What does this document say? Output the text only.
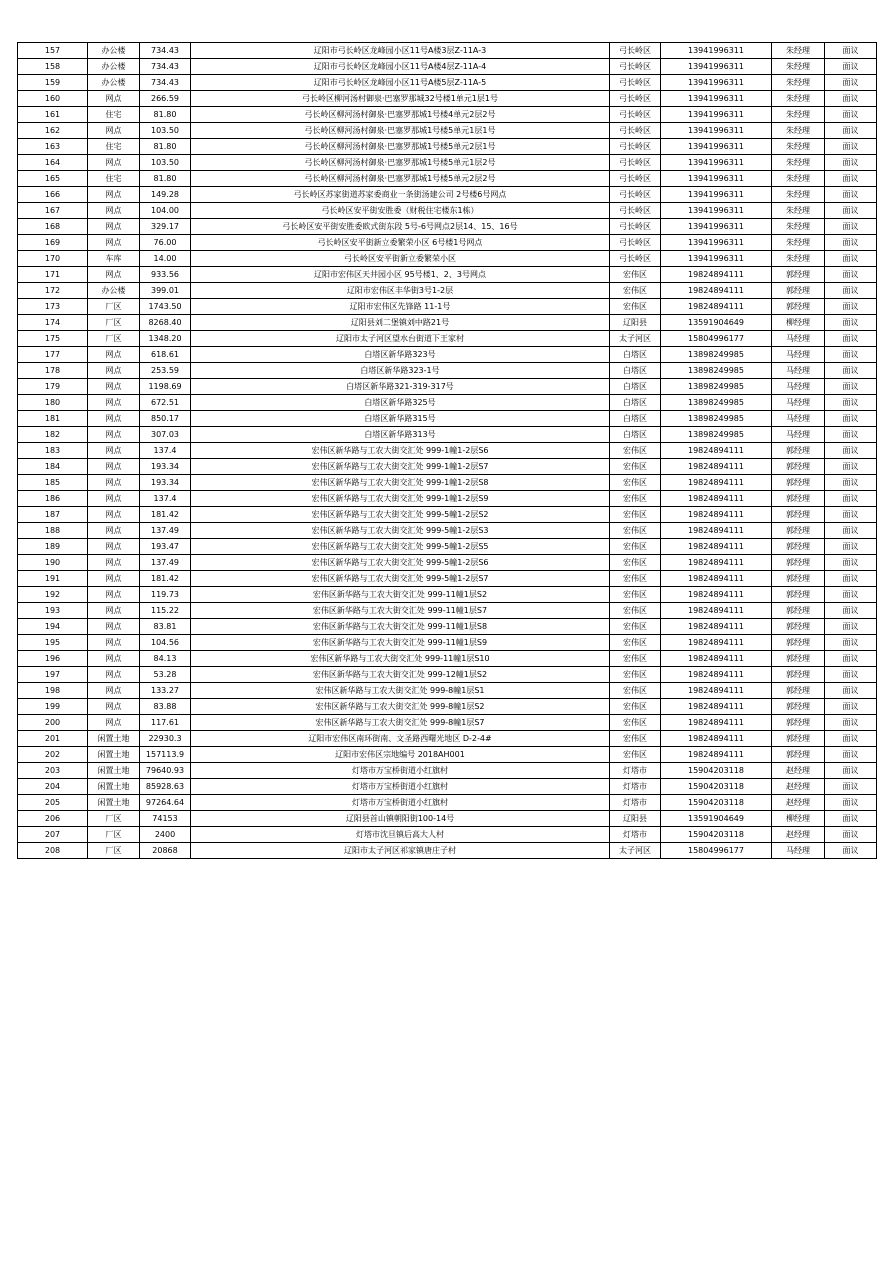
157	办公楼	734.43	辽阳市弓长岭区龙峰园小区11号A楼3层Z-11A-3	弓长岭区	13941996311	朱经理	面议
158	办公楼	734.43	辽阳市弓长岭区龙峰园小区11号A楼4层Z-11A-4	弓长岭区	13941996311	朱经理	面议
159	办公楼	734.43	辽阳市弓长岭区龙峰园小区11号A楼5层Z-11A-5	弓长岭区	13941996311	朱经理	面议
160	网点	266.59	弓长岭区柳河汤村御泉·巴塞罗那城32号楼1单元1层1号	弓长岭区	13941996311	朱经理	面议
161	住宅	81.80	弓长岭区柳河汤村御泉·巴塞罗那城1号楼4单元2层2号	弓长岭区	13941996311	朱经理	面议
162	网点	103.50	弓长岭区柳河汤村御泉·巴塞罗那城1号楼5单元1层1号	弓长岭区	13941996311	朱经理	面议
163	住宅	81.80	弓长岭区柳河汤村御泉·巴塞罗那城1号楼5单元2层1号	弓长岭区	13941996311	朱经理	面议
164	网点	103.50	弓长岭区柳河汤村御泉·巴塞罗那城1号楼5单元1层2号	弓长岭区	13941996311	朱经理	面议
165	住宅	81.80	弓长岭区柳河汤村御泉·巴塞罗那城1号楼5单元2层2号	弓长岭区	13941996311	朱经理	面议
166	网点	149.28	弓长岭区苏家街道苏家委商业一条街汤建公司 2号楼6号网点	弓长岭区	13941996311	朱经理	面议
167	网点	104.00	弓长岭区安平街安胜委（财税住宅楼东1栋）	弓长岭区	13941996311	朱经理	面议
168	网点	329.17	弓长岭区安平街安胜委欧式街东段 5号-6号网点2层14、15、16号	弓长岭区	13941996311	朱经理	面议
169	网点	76.00	弓长岭区安平街新立委繁荣小区 6号楼1号网点	弓长岭区	13941996311	朱经理	面议
170	车库	14.00	弓长岭区安平街新立委繁荣小区	弓长岭区	13941996311	朱经理	面议
171	网点	933.56	辽阳市宏伟区天井园小区 95号楼1、2、3号网点	宏伟区	19824894111	郭经理	面议
172	办公楼	399.01	辽阳市宏伟区丰华街3号1-2层	宏伟区	19824894111	郭经理	面议
173	厂区	1743.50	辽阳市宏伟区先锋路 11-1号	宏伟区	19824894111	郭经理	面议
174	厂区	8268.40	辽阳县刘二堡镇刘中路21号	辽阳县	13591904649	柳经理	面议
175	厂区	1348.20	辽阳市太子河区望水台街道下王家村	太子河区	15804996177	马经理	面议
177	网点	618.61	白塔区新华路323号	白塔区	13898249985	马经理	面议
178	网点	253.59	白塔区新华路323-1号	白塔区	13898249985	马经理	面议
179	网点	1198.69	白塔区新华路321-319-317号	白塔区	13898249985	马经理	面议
180	网点	672.51	白塔区新华路325号	白塔区	13898249985	马经理	面议
181	网点	850.17	白塔区新华路315号	白塔区	13898249985	马经理	面议
182	网点	307.03	白塔区新华路313号	白塔区	13898249985	马经理	面议
183	网点	137.4	宏伟区新华路与工农大街交汇处 999-1幢1-2层S6	宏伟区	19824894111	郭经理	面议
184	网点	193.34	宏伟区新华路与工农大街交汇处 999-1幢1-2层S7	宏伟区	19824894111	郭经理	面议
185	网点	193.34	宏伟区新华路与工农大街交汇处 999-1幢1-2层S8	宏伟区	19824894111	郭经理	面议
186	网点	137.4	宏伟区新华路与工农大街交汇处 999-1幢1-2层S9	宏伟区	19824894111	郭经理	面议
187	网点	181.42	宏伟区新华路与工农大街交汇处 999-5幢1-2层S2	宏伟区	19824894111	郭经理	面议
188	网点	137.49	宏伟区新华路与工农大街交汇处 999-5幢1-2层S3	宏伟区	19824894111	郭经理	面议
189	网点	193.47	宏伟区新华路与工农大街交汇处 999-5幢1-2层S5	宏伟区	19824894111	郭经理	面议
190	网点	137.49	宏伟区新华路与工农大街交汇处 999-5幢1-2层S6	宏伟区	19824894111	郭经理	面议
191	网点	181.42	宏伟区新华路与工农大街交汇处 999-5幢1-2层S7	宏伟区	19824894111	郭经理	面议
192	网点	119.73	宏伟区新华路与工农大街交汇处 999-11幢1层S2	宏伟区	19824894111	郭经理	面议
193	网点	115.22	宏伟区新华路与工农大街交汇处 999-11幢1层S7	宏伟区	19824894111	郭经理	面议
194	网点	83.81	宏伟区新华路与工农大街交汇处 999-11幢1层S8	宏伟区	19824894111	郭经理	面议
195	网点	104.56	宏伟区新华路与工农大街交汇处 999-11幢1层S9	宏伟区	19824894111	郭经理	面议
196	网点	84.13	宏伟区新华路与工农大街交汇处 999-11幢1层S10	宏伟区	19824894111	郭经理	面议
197	网点	53.28	宏伟区新华路与工农大街交汇处 999-12幢1层S2	宏伟区	19824894111	郭经理	面议
198	网点	133.27	宏伟区新华路与工农大街交汇处 999-8幢1层S1	宏伟区	19824894111	郭经理	面议
199	网点	83.88	宏伟区新华路与工农大街交汇处 999-8幢1层S2	宏伟区	19824894111	郭经理	面议
200	网点	117.61	宏伟区新华路与工农大街交汇处 999-8幢1层S7	宏伟区	19824894111	郭经理	面议
201	闲置土地	22930.3	辽阳市宏伟区南环街南、文圣路西曙光地区 D-2-4#	宏伟区	19824894111	郭经理	面议
202	闲置土地	157113.9	辽阳市宏伟区宗地编号 2018AH001	宏伟区	19824894111	郭经理	面议
203	闲置土地	79640.93	灯塔市万宝桥街道小红旗村	灯塔市	15904203118	赵经理	面议
204	闲置土地	85928.63	灯塔市万宝桥街道小红旗村	灯塔市	15904203118	赵经理	面议
205	闲置土地	97264.64	灯塔市万宝桥街道小红旗村	灯塔市	15904203118	赵经理	面议
206	厂区	74153	辽阳县首山镇朝阳街100-14号	辽阳县	13591904649	柳经理	面议
207	厂区	2400	灯塔市沈旦镇后高大人村	灯塔市	15904203118	赵经理	面议
208	厂区	20868	辽阳市太子河区祁家镇唐庄子村	太子河区	15804996177	马经理	面议
